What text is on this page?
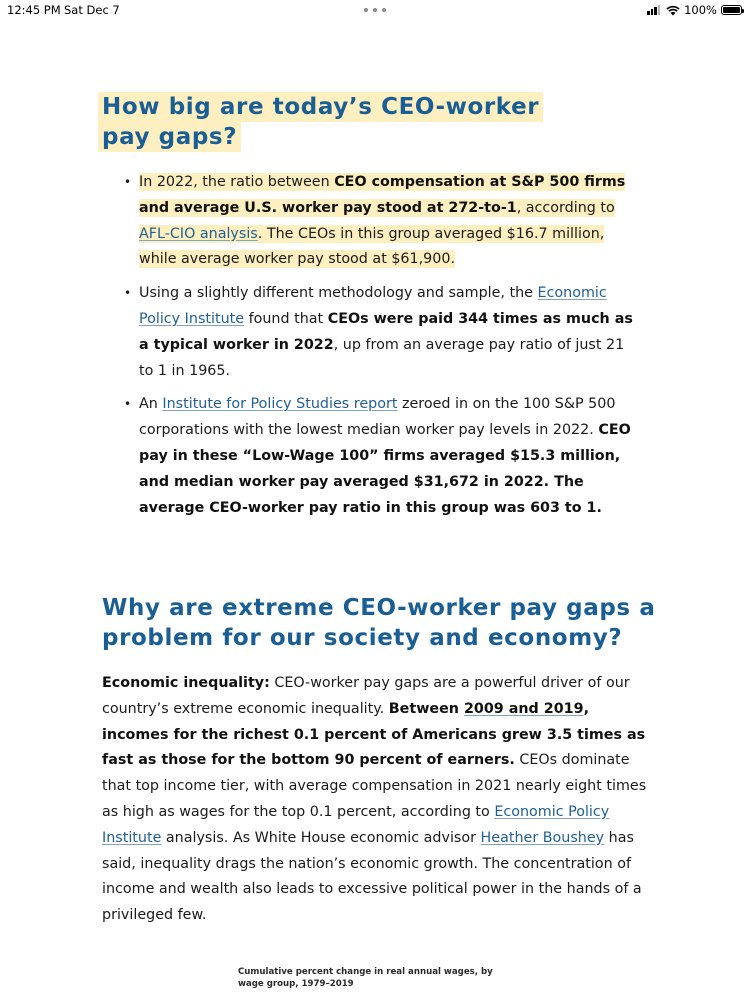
12:45 PM Sat Dec 7	100%
How big are today’s CEO-worker pay gaps?
• In 2022, the ratio between CEO compensation at S&P 500 firms and average U.S. worker pay stood at 272-to-1, according to AFL-CIO analysis. The CEOs in this group averaged $16.7 million, while average worker pay stood at $61,900.
• Using a slightly different methodology and sample, the Economic Policy Institute found that CEOs were paid 344 times as much as a typical worker in 2022, up from an average pay ratio of just 21 to 1 in 1965.
• An Institute for Policy Studies report zeroed in on the 100 S&P 500 corporations with the lowest median worker pay levels in 2022. CEO pay in these “Low-Wage 100” firms averaged $15.3 million, and median worker pay averaged $31,672 in 2022. The average CEO-worker pay ratio in this group was 603 to 1.
Why are extreme CEO-worker pay gaps a problem for our society and economy?

Economic inequality: CEO-worker pay gaps are a powerful driver of our country’s extreme economic inequality. Between 2009 and 2019, incomes for the richest 0.1 percent of Americans grew 3.5 times as fast as those for the bottom 90 percent of earners. CEOs dominate that top income tier, with average compensation in 2021 nearly eight times as high as wages for the top 0.1 percent, according to Economic Policy Institute analysis. As White House economic advisor Heather Boushey has said, inequality drags the nation’s economic growth. The concentration of income and wealth also leads to excessive political power in the hands of a privileged few.

Cumulative percent change in real annual wages, by wage group, 1979–2019
